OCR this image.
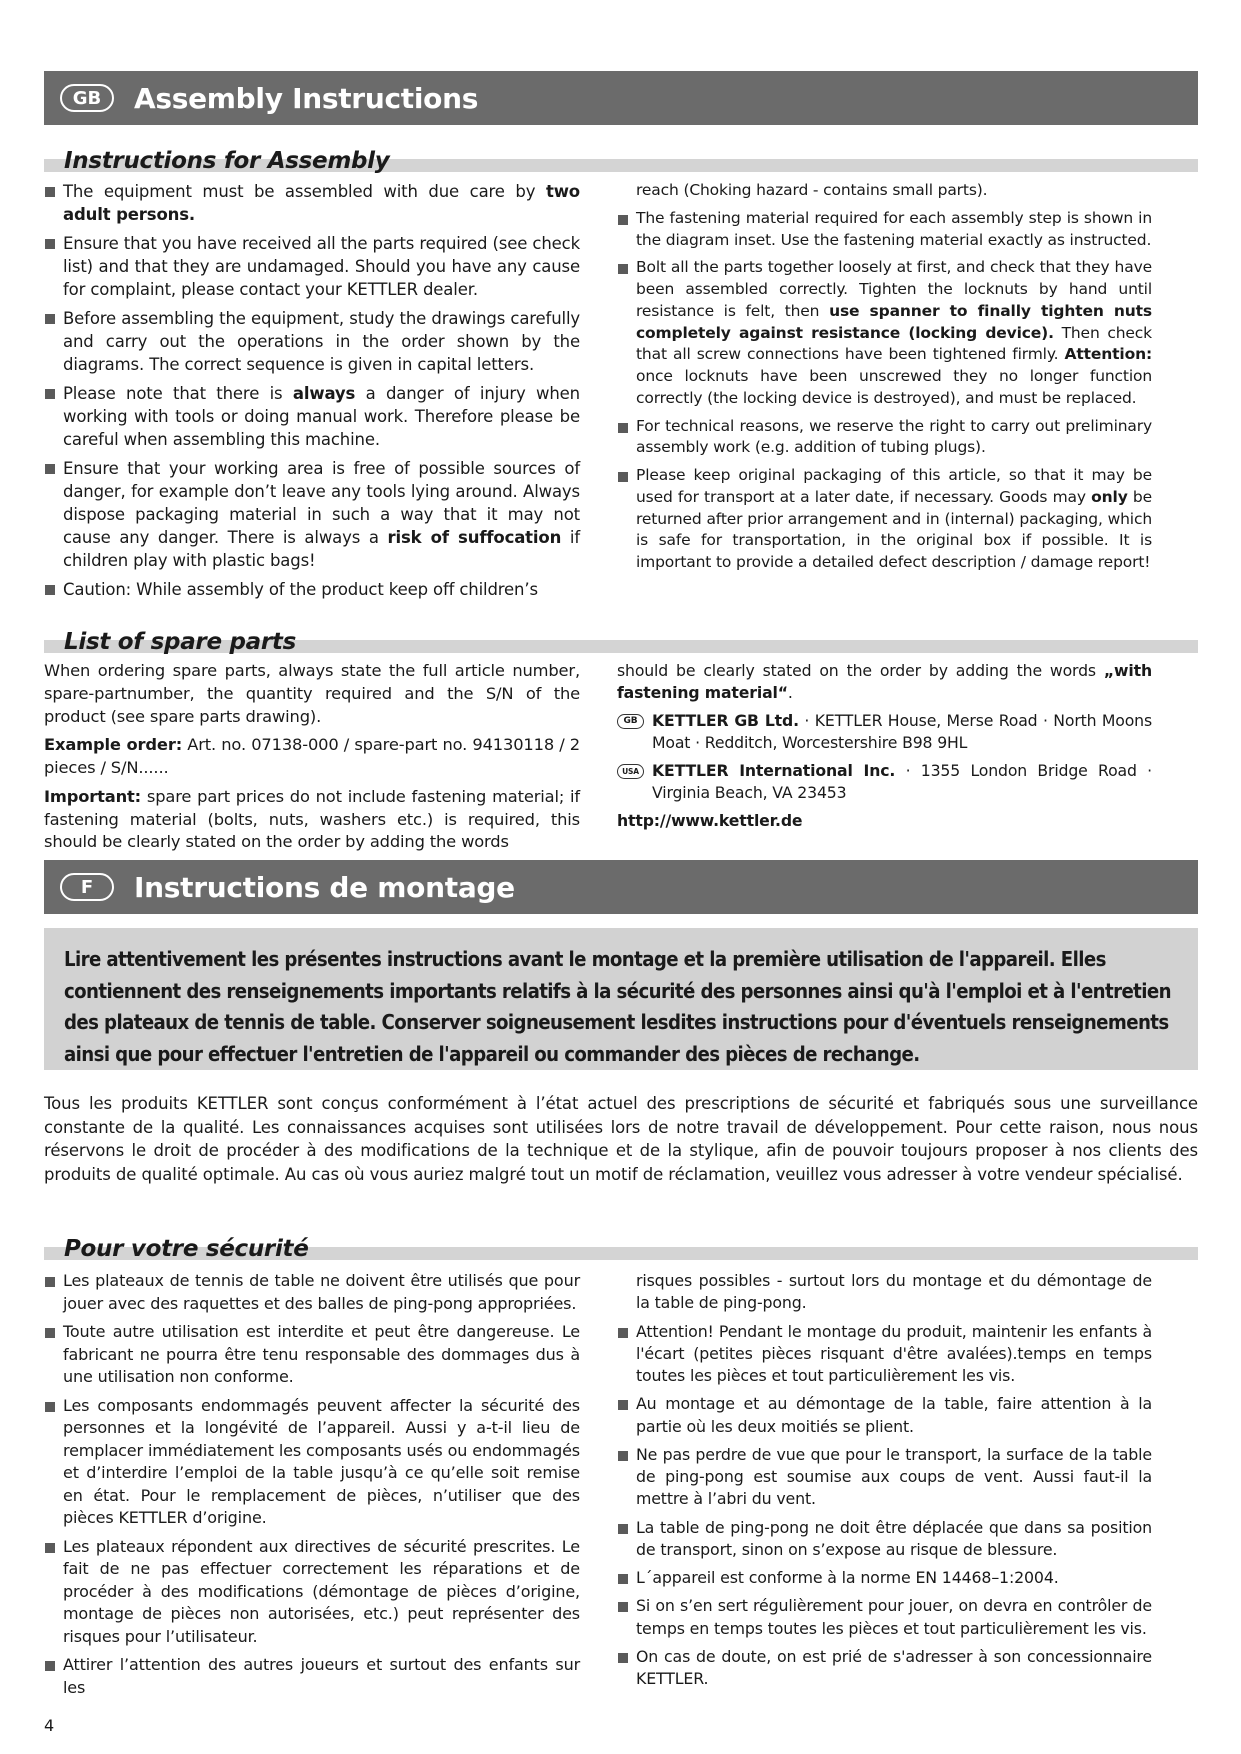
GB	Assembly Instructions
Instructions for Assembly
The equipment must be assembled with due care by two adult persons.
Ensure that you have received all the parts required (see check list) and that they are undamaged. Should you have any cause for complaint, please contact your KETTLER dealer.
Before assembling the equipment, study the drawings carefully and carry out the operations in the order shown by the diagrams. The correct sequence is given in capital letters.
Please note that there is always a danger of injury when working with tools or doing manual work. Therefore please be careful when assembling this machine.
Ensure that your working area is free of possible sources of danger, for example don’t leave any tools lying around. Always dispose packaging material in such a way that it may not cause any danger. There is always a risk of suffocation if children play with plastic bags!
Caution: While assembly of the product keep off children’s
reach (Choking hazard - contains small parts).
The fastening material required for each assembly step is shown in the diagram inset. Use the fastening material exactly as instructed.
Bolt all the parts together loosely at first, and check that they have been assembled correctly. Tighten the locknuts by hand until resistance is felt, then use spanner to finally tighten nuts completely against resistance (locking device). Then check that all screw connections have been tightened firmly. Attention: once locknuts have been unscrewed they no longer function correctly (the locking device is destroyed), and must be replaced.
For technical reasons, we reserve the right to carry out preliminary assembly work (e.g. addition of tubing plugs).
Please keep original packaging of this article, so that it may be used for transport at a later date, if necessary. Goods may only be returned after prior arrangement and in (internal) packaging, which is safe for transportation, in the original box if possible. It is important to provide a detailed defect description / damage report!
List of spare parts

When ordering spare parts, always state the full article number, spare-partnumber, the quantity required and the S/N of the product (see spare parts drawing).

Example order: Art. no. 07138-000 / spare-part no. 94130118 / 2 pieces / S/N......

Important: spare part prices do not include fastening material; if fastening material (bolts, nuts, washers etc.) is required, this should be clearly stated on the order by adding the words

should be clearly stated on the order by adding the words „with fastening material“.

GB KETTLER GB Ltd. · KETTLER House, Merse Road · North Moons Moat · Redditch, Worcestershire B98 9HL
USA KETTLER International Inc. · 1355 London Bridge Road · Virginia Beach, VA 23453

http://www.kettler.de

F	Instructions de montage
Lire attentivement les présentes instructions avant le montage et la première utilisation de l'appareil. Elles contiennent des renseignements importants relatifs à la sécurité des personnes ainsi qu'à l'emploi et à l'entretien des plateaux de tennis de table. Conserver soigneusement lesdites instructions pour d'éventuels renseignements ainsi que pour effectuer l'entretien de l'appareil ou commander des pièces de rechange.
Tous les produits KETTLER sont conçus conformément à l’état actuel des prescriptions de sécurité et fabriqués sous une surveillance constante de la qualité. Les connaissances acquises sont utilisées lors de notre travail de développement. Pour cette raison, nous nous réservons le droit de procéder à des modifications de la technique et de la stylique, afin de pouvoir toujours proposer à nos clients des produits de qualité optimale. Au cas où vous auriez malgré tout un motif de réclamation, veuillez vous adresser à votre vendeur spécialisé.
Pour votre sécurité
Les plateaux de tennis de table ne doivent être utilisés que pour jouer avec des raquettes et des balles de ping-pong appropriées.
Toute autre utilisation est interdite et peut être dangereuse. Le fabricant ne pourra être tenu responsable des dommages dus à une utilisation non conforme.
Les composants endommagés peuvent affecter la sécurité des personnes et la longévité de l’appareil. Aussi y a-t-il lieu de remplacer immédiatement les composants usés ou endommagés et d’interdire l’emploi de la table jusqu’à ce qu’elle soit remise en état. Pour le remplacement de pièces, n’utiliser que des pièces KETTLER d’origine.
Les plateaux répondent aux directives de sécurité prescrites. Le fait de ne pas effectuer correctement les réparations et de procéder à des modifications (démontage de pièces d’origine, montage de pièces non autorisées, etc.) peut représenter des risques pour l’utilisateur.
Attirer l’attention des autres joueurs et surtout des enfants sur les
risques possibles - surtout lors du montage et du démontage de la table de ping-pong.
Attention! Pendant le montage du produit, maintenir les enfants à l'écart (petites pièces risquant d'être avalées).temps en temps toutes les pièces et tout particulièrement les vis.
Au montage et au démontage de la table, faire attention à la partie où les deux moitiés se plient.
Ne pas perdre de vue que pour le transport, la surface de la table de ping-pong est soumise aux coups de vent. Aussi faut-il la mettre à l’abri du vent.
La table de ping-pong ne doit être déplacée que dans sa position de transport, sinon on s’expose au risque de blessure.
L´appareil est conforme à la norme EN 14468–1:2004.
Si on s’en sert régulièrement pour jouer, on devra en contrôler de temps en temps toutes les pièces et tout particulièrement les vis.
On cas de doute, on est prié de s'adresser à son concessionnaire KETTLER.
4
